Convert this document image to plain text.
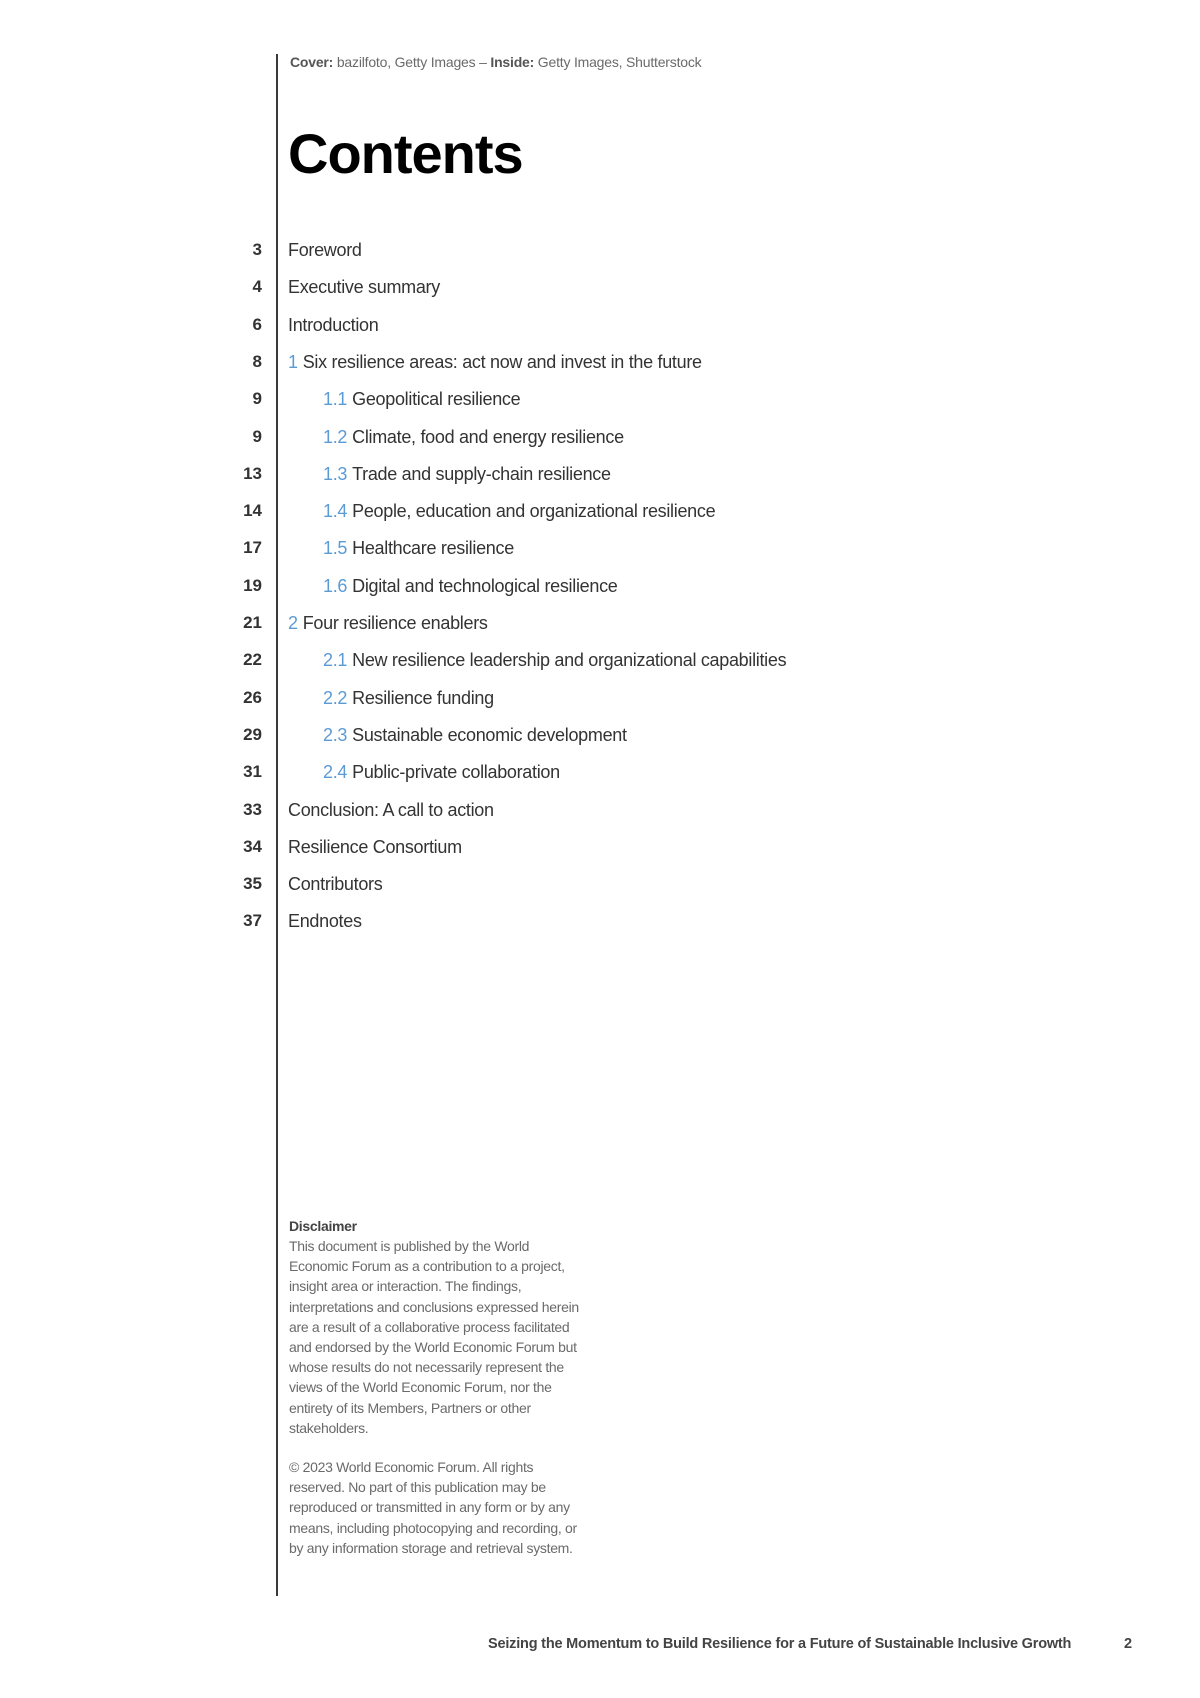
Cover: bazilfoto, Getty Images – Inside: Getty Images, Shutterstock
Contents
3 Foreword
4 Executive summary
6 Introduction
8 1 Six resilience areas: act now and invest in the future
9	1.1 Geopolitical resilience
9	1.2 Climate, food and energy resilience
13	1.3 Trade and supply-chain resilience
14	1.4 People, education and organizational resilience
17	1.5 Healthcare resilience
19	1.6 Digital and technological resilience
21 2 Four resilience enablers
22	2.1 New resilience leadership and organizational capabilities
26	2.2 Resilience funding
29	2.3 Sustainable economic development
31	2.4 Public-private collaboration
33 Conclusion: A call to action
34 Resilience Consortium
35 Contributors
37 Endnotes
Disclaimer

This document is published by the World Economic Forum as a contribution to a project, insight area or interaction. The findings, interpretations and conclusions expressed herein are a result of a collaborative process facilitated and endorsed by the World Economic Forum but whose results do not necessarily represent the views of the World Economic Forum, nor the entirety of its Members, Partners or other stakeholders.

© 2023 World Economic Forum. All rights reserved. No part of this publication may be reproduced or transmitted in any form or by any means, including photocopying and recording, or by any information storage and retrieval system.

Seizing the Momentum to Build Resilience for a Future of Sustainable Inclusive Growth	2
